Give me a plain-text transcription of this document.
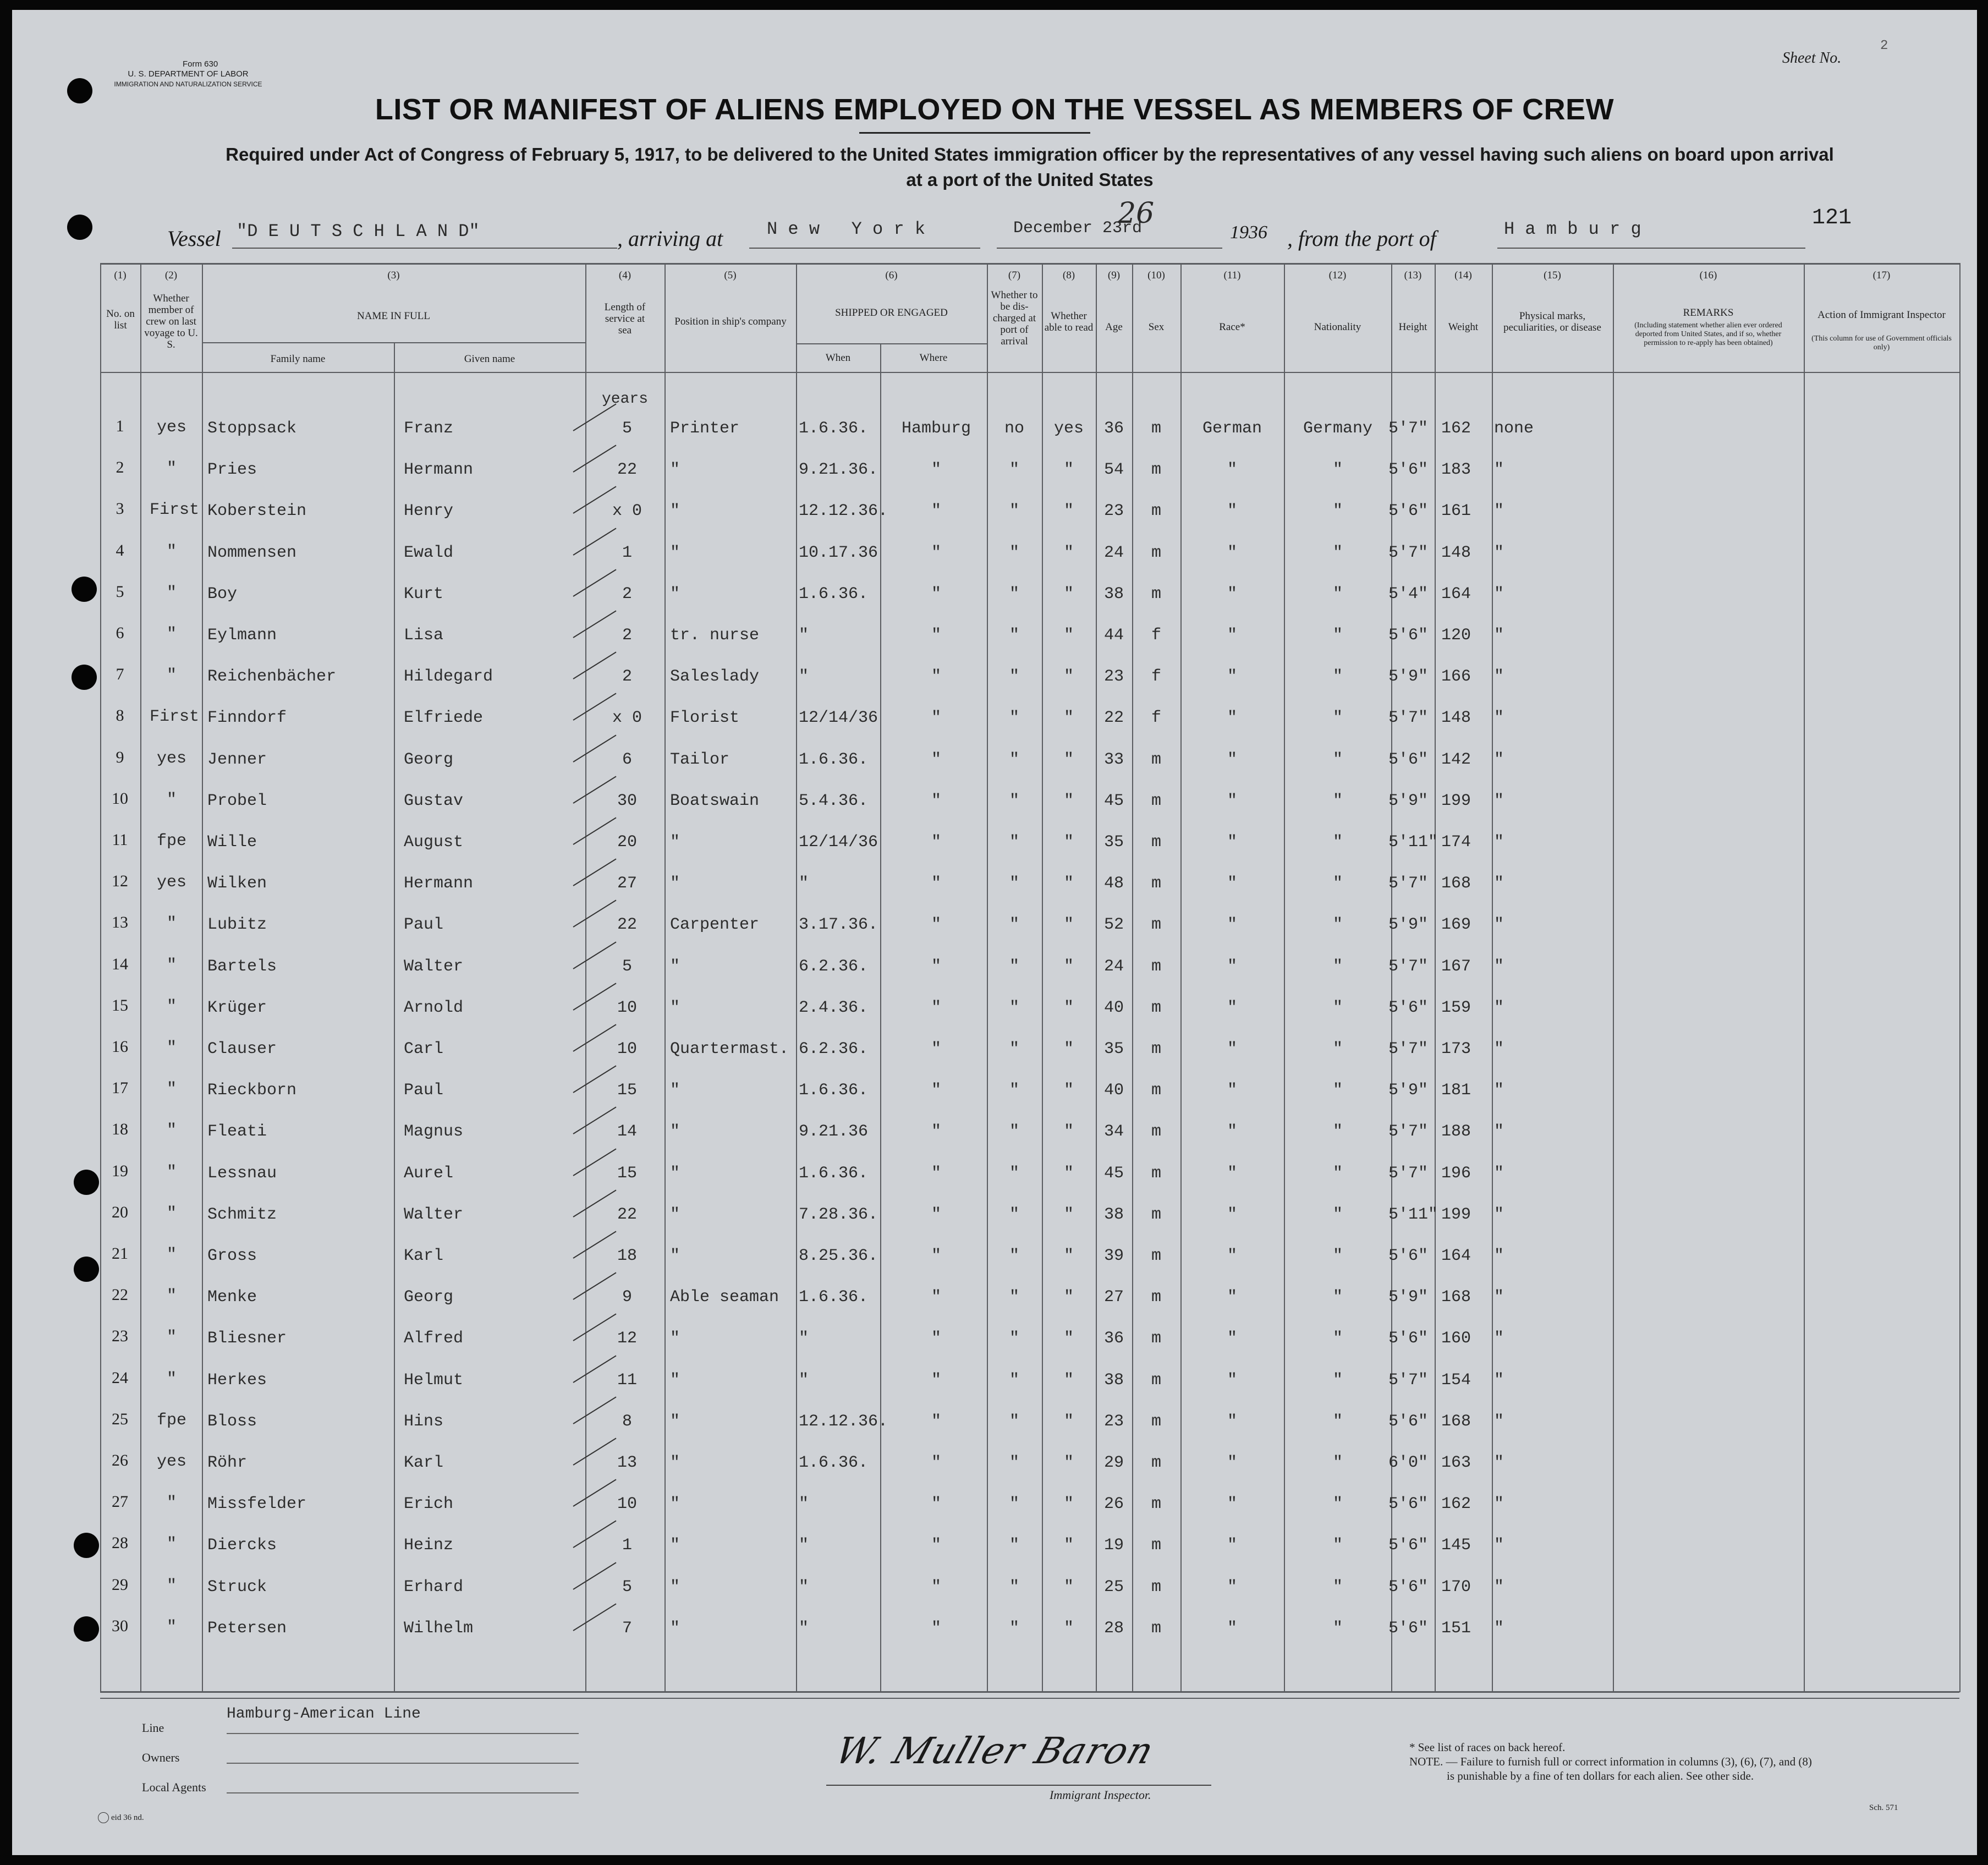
Form 630
U. S. DEPARTMENT OF LABOR
IMMIGRATION AND NATURALIZATION SERVICE
Sheet No.
2
LIST OR MANIFEST OF ALIENS EMPLOYED ON THE VESSEL AS MEMBERS OF CREW
Required under Act of Congress of February 5, 1917, to be delivered to the United States immigration officer by the representatives of any vessel having such aliens on board upon arrival
at a port of the United States
Vessel "D E U T S C H L A N D"	, arriving at N e w   Y o r k	December 23rd
26
1936 , from the port of	H a m b u r g	121
(1)	(2)	(3)	(4)	(5)	(6)	(7)	(8)	(9)	(10)	(11)	(12)	(13)	(14)	(15)	(16)	(17)
No. on list
Whether member of crew on last voyage to U. S.
NAME IN FULL
Family name	Given name
Length of service at sea
Position in ship's company
SHIPPED OR ENGAGED
When	Where
Whether to be dis-charged at port of arrival
Whether able to read	Age	Sex	Race*	Nationality	Height	Weight
Physical marks, peculiarities, or disease
REMARKS
(Including statement whether alien ever ordered deported from United States, and if so, whether permission to re-apply has been obtained)
Action of Immigrant Inspector
(This column for use of Government officials only)
years
1	yes	Stoppsack	Franz	5	Printer	1.6.36.	Hamburg	no	yes	36	m	German	Germany 5'7" 162 none
2	"	Pries	Hermann	22	"	9.21.36.	"	"	"	54	m	"	"	5'6" 183 "
3	First Koberstein	Henry	x 0	"	12.12.36.	"	"	"	23	m	"	"	5'6" 161 "
4	"	Nommensen	Ewald	1	"	10.17.36	"	"	"	24	m	"	"	5'7" 148 "
5	"	Boy	Kurt	2	"	1.6.36.	"	"	"	38	m	"	"	5'4" 164 "
6	"	Eylmann	Lisa	2	tr. nurse "	"	"	"	44	f	"	"	5'6" 120 "
7	"	Reichenbächer	Hildegard	2	Saleslady "	"	"	"	23	f	"	"	5'9" 166 "
8	First Finndorf	Elfriede	x 0	Florist	12/14/36	"	"	"	22	f	"	"	5'7" 148 "
9	yes	Jenner	Georg	6	Tailor	1.6.36.	"	"	"	33	m	"	"	5'6" 142 "
10	"	Probel	Gustav	30	Boatswain 5.4.36.	"	"	"	45	m	"	"	5'9" 199 "
11	fpe	Wille	August	20	"	12/14/36	"	"	"	35	m	"	"	5'11" 174 "
12	yes	Wilken	Hermann	27	"	"	"	"	"	48	m	"	"	5'7" 168 "
13	"	Lubitz	Paul	22	Carpenter 3.17.36.	"	"	"	52	m	"	"	5'9" 169 "
14	"	Bartels	Walter	5	"	6.2.36.	"	"	"	24	m	"	"	5'7" 167 "
15	"	Krüger	Arnold	10	"	2.4.36.	"	"	"	40	m	"	"	5'6" 159 "
16	"	Clauser	Carl	10	Quartermast. 6.2.36.	"	"	"	35	m	"	"	5'7" 173 "
17	"	Rieckborn	Paul	15	"	1.6.36.	"	"	"	40	m	"	"	5'9" 181 "
18	"	Fleati	Magnus	14	"	9.21.36	"	"	"	34	m	"	"	5'7" 188 "
19	"	Lessnau	Aurel	15	"	1.6.36.	"	"	"	45	m	"	"	5'7" 196 "
20	"	Schmitz	Walter	22	"	7.28.36.	"	"	"	38	m	"	"	5'11" 199 "
21	"	Gross	Karl	18	"	8.25.36.	"	"	"	39	m	"	"	5'6" 164 "
22	"	Menke	Georg	9	Able seaman 1.6.36.	"	"	"	27	m	"	"	5'9" 168 "
23	"	Bliesner	Alfred	12	"	"	"	"	"	36	m	"	"	5'6" 160 "
24	"	Herkes	Helmut	11	"	"	"	"	"	38	m	"	"	5'7" 154 "
25	fpe	Bloss	Hins	8	"	12.12.36.	"	"	"	23	m	"	"	5'6" 168 "
26	yes	Röhr	Karl	13	"	1.6.36.	"	"	"	29	m	"	"	6'0" 163 "
27	"	Missfelder	Erich	10	"	"	"	"	"	26	m	"	"	5'6" 162 "
28	"	Diercks	Heinz	1	"	"	"	"	"	19	m	"	"	5'6" 145 "
29	"	Struck	Erhard	5	"	"	"	"	"	25	m	"	"	5'6" 170 "
30	"	Petersen	Wilhelm	7	"	"	"	"	"	28	m	"	"	5'6" 151 "
Line
Hamburg-American Line
Owners
Local Agents
W. Muller Baron
Immigrant Inspector.
* See list of races on back hereof.
NOTE. — Failure to furnish full or correct information in columns (3), (6), (7), and (8)
is punishable by a fine of ten dollars for each alien. See other side.
eid 36 nd.
Sch. 571
